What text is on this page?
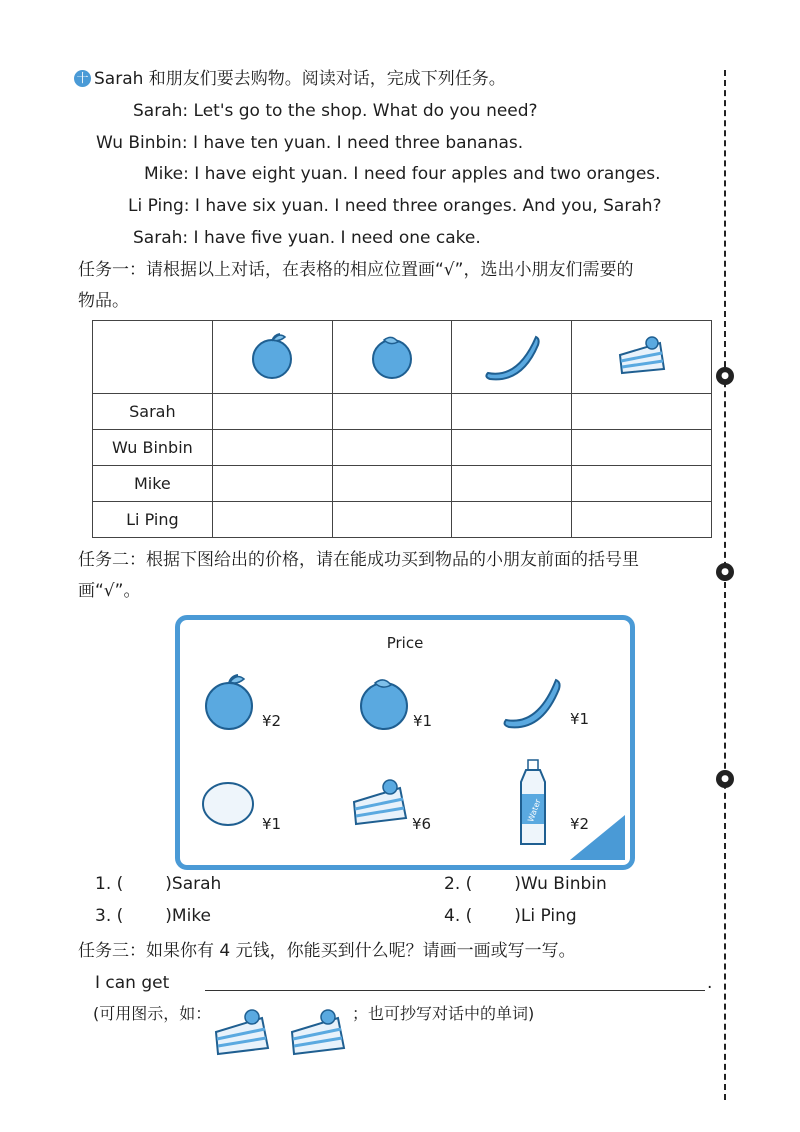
●
●
●
十 Sarah 和朋友们要去购物。阅读对话，完成下列任务。
Sarah: Let's go to the shop. What do you need?
Wu Binbin: I have ten yuan. I need three bananas.
Mike: I have eight yuan. I need four apples and two oranges.
Li Ping: I have six yuan. I need three oranges. And you, Sarah?
Sarah: I have five yuan. I need one cake.
任务一：请根据以上对话，在表格的相应位置画“√”，选出小朋友们需要的
物品。

Sarah				
Wu Binbin				
Mike				
Li Ping				
任务二：根据下图给出的价格，请在能成功买到物品的小朋友前面的括号里
画“√”。
Price
¥2	¥1	¥1
¥1	¥6
Water
¥2
1. ( )Sarah	2. ( )Wu Binbin
3. ( )Mike	4. ( )Li Ping
任务三：如果你有 4 元钱，你能买到什么呢？请画一画或写一写。
I can get	.
(可用图示，如：	；也可抄写对话中的单词)
